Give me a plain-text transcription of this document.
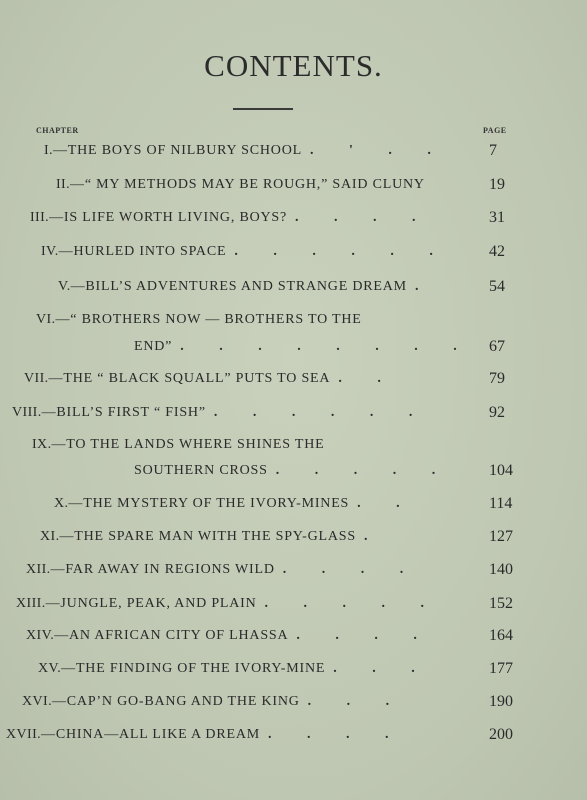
CONTENTS.
CHAPTER	PAGE
I. — THE BOYS OF NILBURY SCHOOL . ' . .	7
II. — “ MY METHODS MAY BE ROUGH,” SAID CLUNY	19
III. — IS LIFE WORTH LIVING, BOYS? . . . .	31
IV. — HURLED INTO SPACE . . . . . .	42
V. — BILL’S ADVENTURES AND STRANGE DREAM .	54
VI. — “ BROTHERS NOW — BROTHERS TO THE
END” . . . . . . . . 67
VII. — THE “ BLACK SQUALL” PUTS TO SEA . .	79
VIII. — BILL’S FIRST “ FISH” . . . . . .	92
IX. — TO THE LANDS WHERE SHINES THE
SOUTHERN CROSS . . . . . 104
X. — THE MYSTERY OF THE IVORY-MINES . .	114
XI. — THE SPARE MAN WITH THE SPY-GLASS .	127
XII. — FAR AWAY IN REGIONS WILD . . . .	140
XIII. — JUNGLE, PEAK, AND PLAIN . . . . .	152
XIV. — AN AFRICAN CITY OF LHASSA . . . .	164
XV. — THE FINDING OF THE IVORY-MINE . . .	177
XVI. — CAP’N GO-BANG AND THE KING . . .	190
XVII. — CHINA—ALL LIKE A DREAM . . . .	200
